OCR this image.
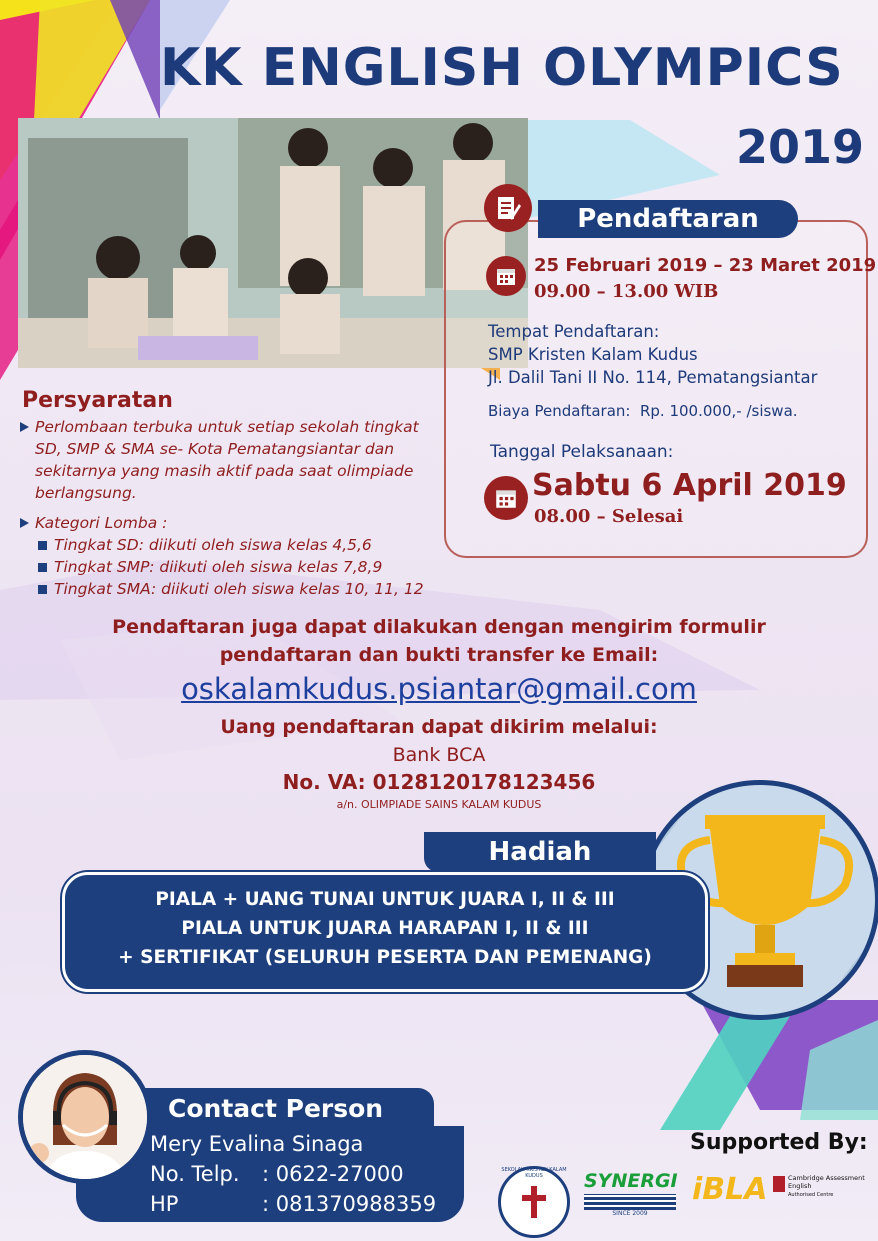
KK ENGLISH OLYMPICS
2019
Pendaftaran
25 Februari 2019 – 23 Maret 2019
09.00 – 13.00 WIB
Tempat Pendaftaran:
SMP Kristen Kalam Kudus
Jl. Dalil Tani II No. 114, Pematangsiantar
Biaya Pendaftaran:  Rp. 100.000,- /siswa.
Tanggal Pelaksanaan:
Sabtu 6 April 2019
08.00 – Selesai
Persyaratan
Perlombaan terbuka untuk setiap sekolah tingkat
SD, SMP & SMA se- Kota Pematangsiantar dan
sekitarnya yang masih aktif pada saat olimpiade
berlangsung.
Kategori Lomba :
Tingkat SD: diikuti oleh siswa kelas 4,5,6
Tingkat SMP: diikuti oleh siswa kelas 7,8,9
Tingkat SMA: diikuti oleh siswa kelas 10, 11, 12
Pendaftaran juga dapat dilakukan dengan mengirim formulir
pendaftaran dan bukti transfer ke Email:
oskalamkudus.psiantar@gmail.com
Uang pendaftaran dapat dikirim melalui:
Bank BCA
No. VA: 0128120178123456
a/n. OLIMPIADE SAINS KALAM KUDUS
Hadiah
PIALA + UANG TUNAI UNTUK JUARA I, II & III
PIALA UNTUK JUARA HARAPAN I, II & III
+ SERTIFIKAT (SELURUH PESERTA DAN PEMENANG)
Contact Person
Mery Evalina Sinaga
No. Telp. : 0622-27000
HP	: 081370988359
Supported By:
SEKOLAH KRISTEN KALAM KUDUS	SYNERGI
SINCE 2009
iBLA	Cambridge Assessment
English
Authorised Centre
